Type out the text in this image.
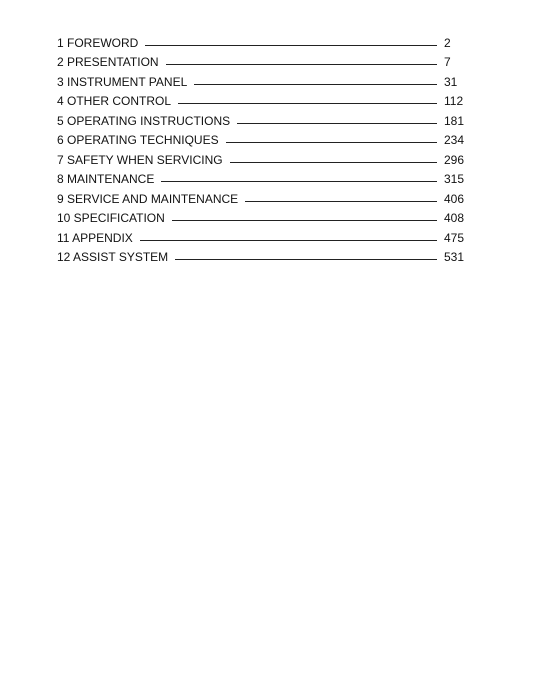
1 FOREWORD	2
2 PRESENTATION	7
3 INSTRUMENT PANEL	31
4 OTHER CONTROL	112
5 OPERATING INSTRUCTIONS	181
6 OPERATING TECHNIQUES	234
7 SAFETY WHEN SERVICING	296
8 MAINTENANCE	315
9 SERVICE AND MAINTENANCE	406
10 SPECIFICATION	408
11 APPENDIX	475
12 ASSIST SYSTEM	531
